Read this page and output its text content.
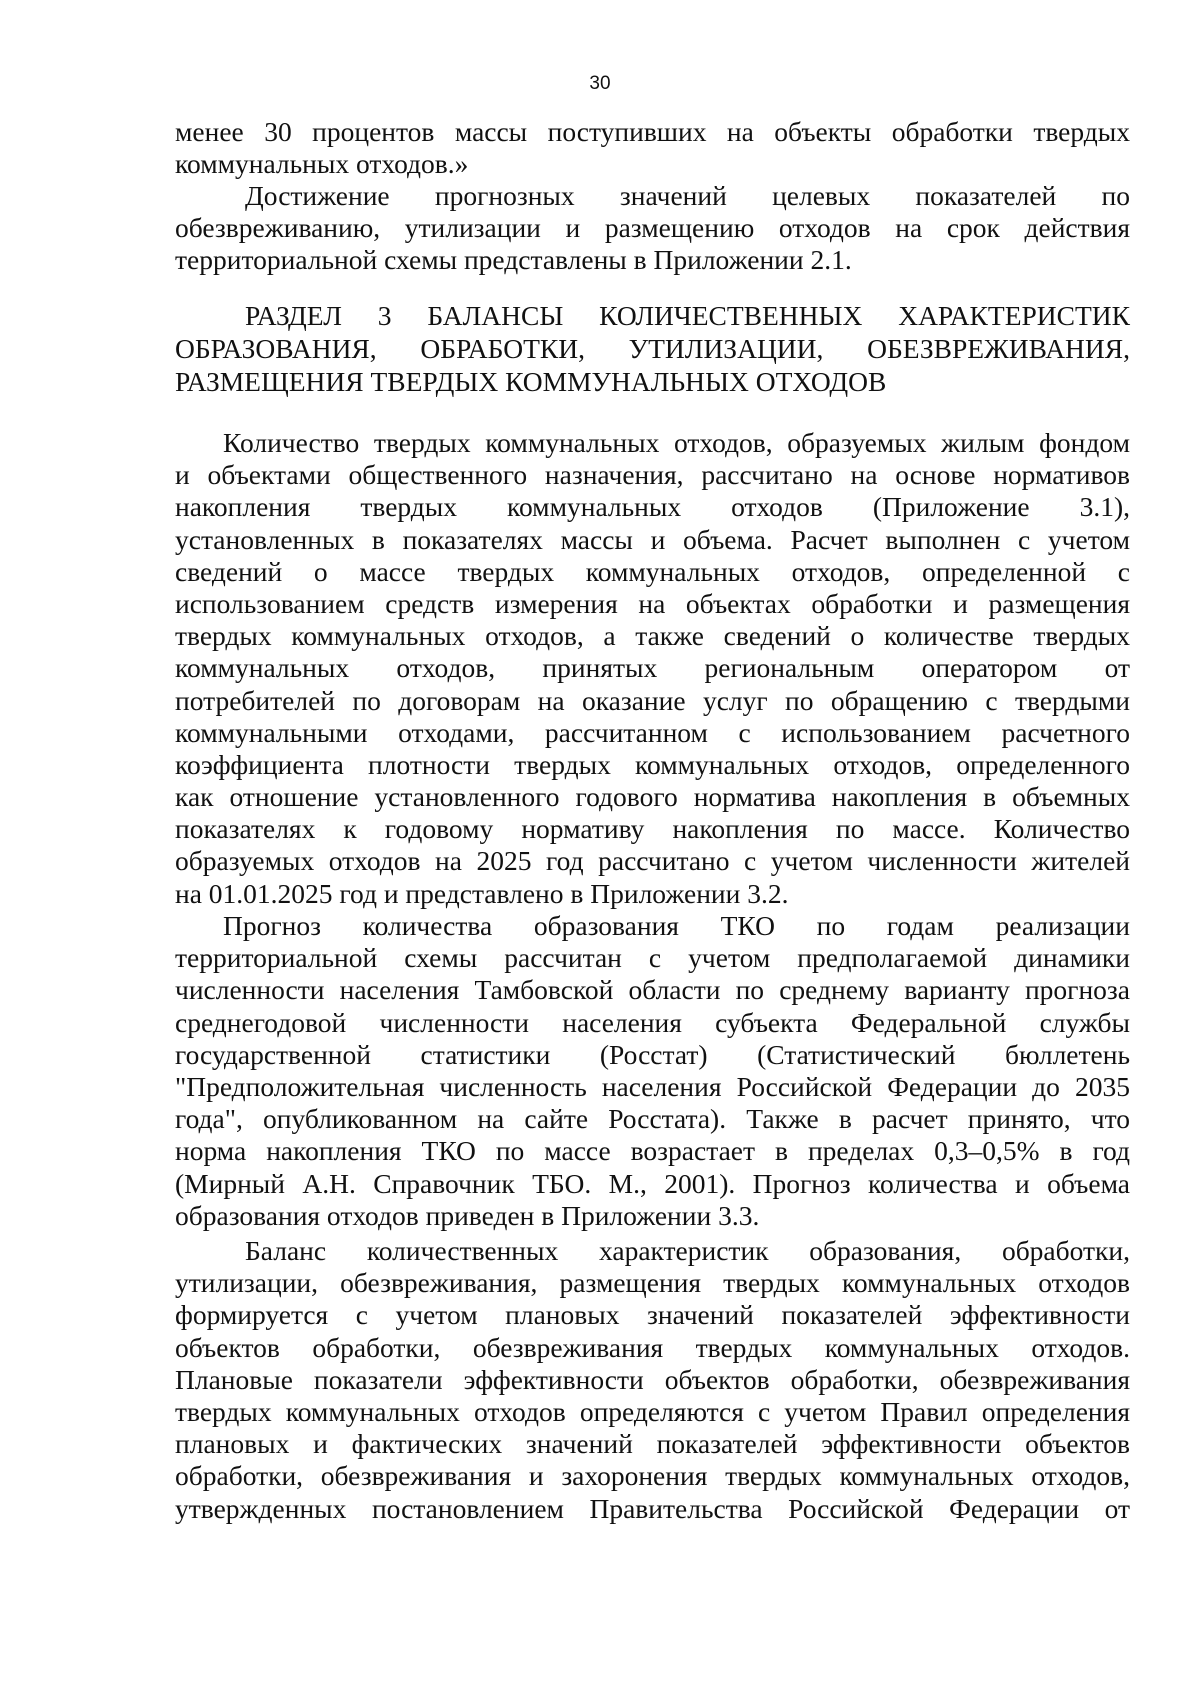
30
менее 30 процентов массы поступивших на объекты обработки твердых
коммунальных отходов.»
Достижение прогнозных значений целевых показателей по
обезвреживанию, утилизации и размещению отходов на срок действия
территориальной схемы представлены в Приложении 2.1.
РАЗДЕЛ 3 БАЛАНСЫ КОЛИЧЕСТВЕННЫХ ХАРАКТЕРИСТИК
ОБРАЗОВАНИЯ, ОБРАБОТКИ, УТИЛИЗАЦИИ, ОБЕЗВРЕЖИВАНИЯ,
РАЗМЕЩЕНИЯ ТВЕРДЫХ КОММУНАЛЬНЫХ ОТХОДОВ
Количество твердых коммунальных отходов, образуемых жилым фондом
и объектами общественного назначения, рассчитано на основе нормативов
накопления твердых коммунальных отходов (Приложение 3.1),
установленных в показателях массы и объема. Расчет выполнен с учетом
сведений о массе твердых коммунальных отходов, определенной с
использованием средств измерения на объектах обработки и размещения
твердых коммунальных отходов, а также сведений о количестве твердых
коммунальных отходов, принятых региональным оператором от
потребителей по договорам на оказание услуг по обращению с твердыми
коммунальными отходами, рассчитанном с использованием расчетного
коэффициента плотности твердых коммунальных отходов, определенного
как отношение установленного годового норматива накопления в объемных
показателях к годовому нормативу накопления по массе. Количество
образуемых отходов на 2025 год рассчитано с учетом численности жителей
на 01.01.2025 год и представлено в Приложении 3.2.
Прогноз количества образования ТКО по годам реализации
территориальной схемы рассчитан с учетом предполагаемой динамики
численности населения Тамбовской области по среднему варианту прогноза
среднегодовой численности населения субъекта Федеральной службы
государственной статистики (Росстат) (Статистический бюллетень
"Предположительная численность населения Российской Федерации до 2035
года", опубликованном на сайте Росстата). Также в расчет принято, что
норма накопления ТКО по массе возрастает в пределах 0,3–0,5% в год
(Мирный А.Н. Справочник ТБО. М., 2001). Прогноз количества и объема
образования отходов приведен в Приложении 3.3.
Баланс количественных характеристик образования, обработки,
утилизации, обезвреживания, размещения твердых коммунальных отходов
формируется с учетом плановых значений показателей эффективности
объектов обработки, обезвреживания твердых коммунальных отходов.
Плановые показатели эффективности объектов обработки, обезвреживания
твердых коммунальных отходов определяются с учетом Правил определения
плановых и фактических значений показателей эффективности объектов
обработки, обезвреживания и захоронения твердых коммунальных отходов,
утвержденных постановлением Правительства Российской Федерации от
